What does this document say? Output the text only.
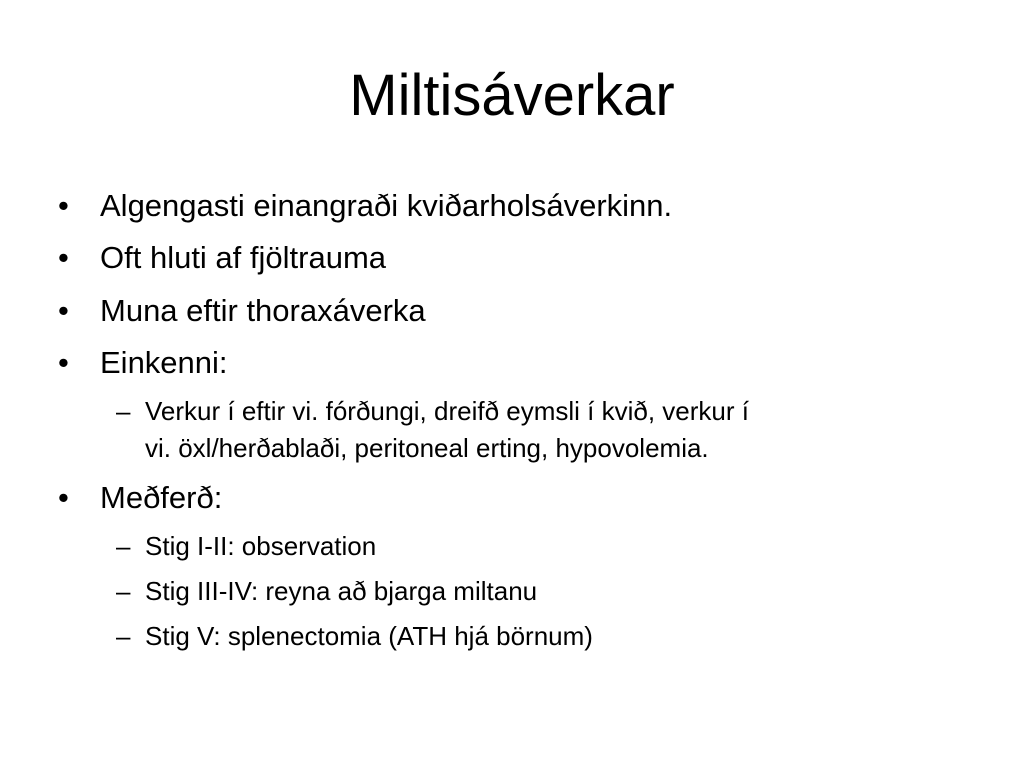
Miltisáverkar
• Algengasti einangraði kviðarholsáverkinn.
• Oft hluti af fjöltrauma
• Muna eftir thoraxáverka
• Einkenni:
– Verkur í eftir vi. fórðungi, dreifð eymsli í kvið, verkur í
vi. öxl/herðablaði, peritoneal erting, hypovolemia.
• Meðferð:
– Stig I-II: observation
– Stig III-IV: reyna að bjarga miltanu
– Stig V: splenectomia (ATH hjá börnum)
